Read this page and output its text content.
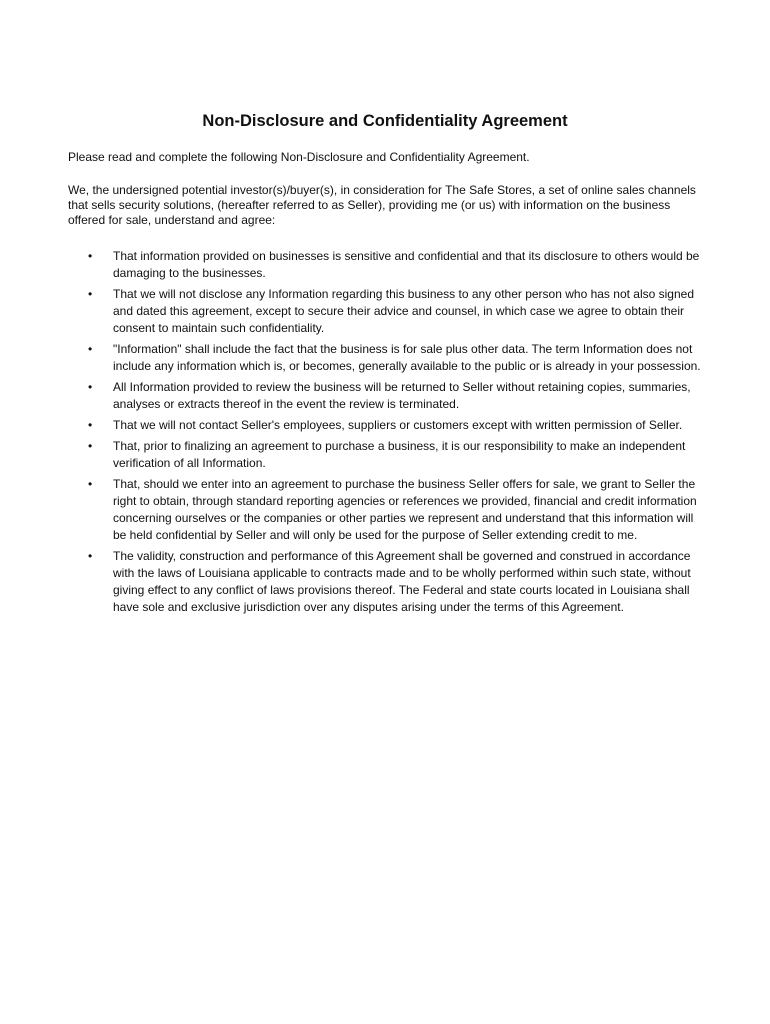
Non-Disclosure and Confidentiality Agreement

Please read and complete the following Non-Disclosure and Confidentiality Agreement.

We, the undersigned potential investor(s)/buyer(s), in consideration for The Safe Stores, a set of online sales channels that sells security solutions, (hereafter referred to as Seller), providing me (or us) with information on the business offered for sale, understand and agree:

• That information provided on businesses is sensitive and confidential and that its disclosure to others would be damaging to the businesses.
• That we will not disclose any Information regarding this business to any other person who has not also signed and dated this agreement, except to secure their advice and counsel, in which case we agree to obtain their consent to maintain such confidentiality.
• "Information" shall include the fact that the business is for sale plus other data. The term Information does not include any information which is, or becomes, generally available to the public or is already in your possession.
• All Information provided to review the business will be returned to Seller without retaining copies, summaries, analyses or extracts thereof in the event the review is terminated.
• That we will not contact Seller's employees, suppliers or customers except with written permission of Seller.
• That, prior to finalizing an agreement to purchase a business, it is our responsibility to make an independent verification of all Information.
• That, should we enter into an agreement to purchase the business Seller offers for sale, we grant to Seller the right to obtain, through standard reporting agencies or references we provided, financial and credit information concerning ourselves or the companies or other parties we represent and understand that this information will be held confidential by Seller and will only be used for the purpose of Seller extending credit to me.
• The validity, construction and performance of this Agreement shall be governed and construed in accordance with the laws of Louisiana applicable to contracts made and to be wholly performed within such state, without giving effect to any conflict of laws provisions thereof. The Federal and state courts located in Louisiana shall have sole and exclusive jurisdiction over any disputes arising under the terms of this Agreement.
